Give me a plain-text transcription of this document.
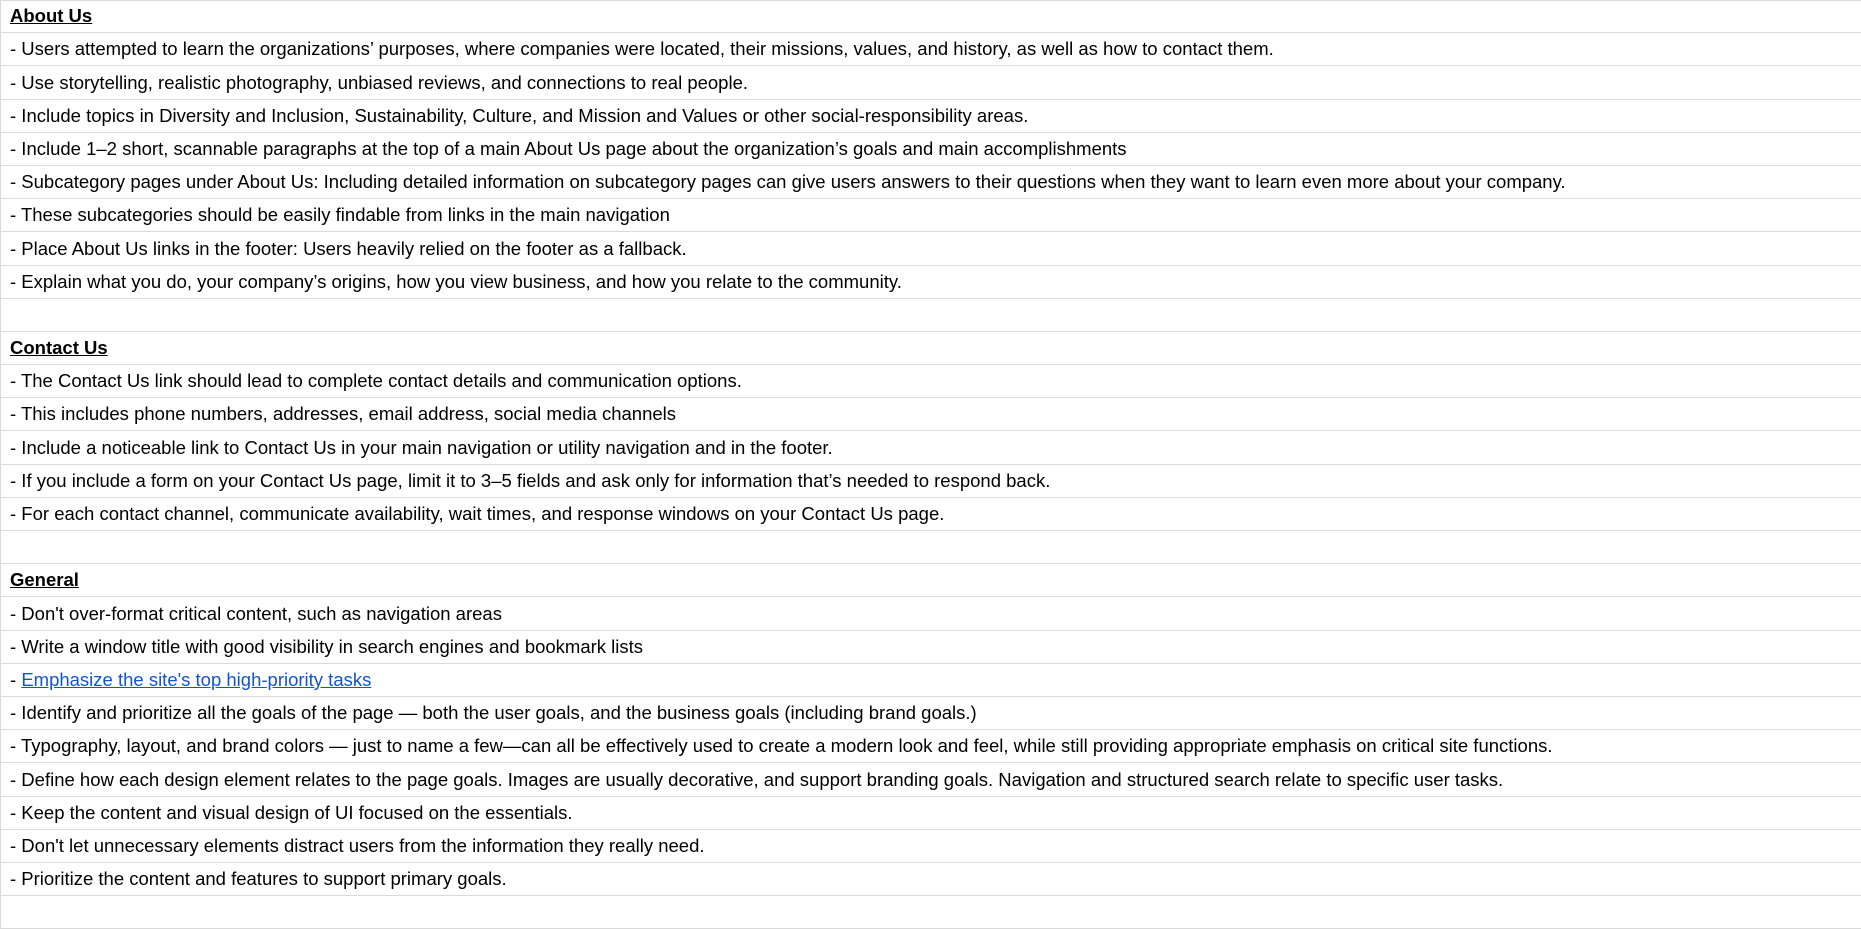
About Us
- Users attempted to learn the organizations’ purposes, where companies were located, their missions, values, and history, as well as how to contact them.
- Use storytelling, realistic photography, unbiased reviews, and connections to real people.
- Include topics in Diversity and Inclusion, Sustainability, Culture, and Mission and Values or other social-responsibility areas.
- Include 1–2 short, scannable paragraphs at the top of a main About Us page about the organization’s goals and main accomplishments
- Subcategory pages under About Us: Including detailed information on subcategory pages can give users answers to their questions when they want to learn even more about your company.
- These subcategories should be easily findable from links in the main navigation
- Place About Us links in the footer: Users heavily relied on the footer as a fallback.
- Explain what you do, your company’s origins, how you view business, and how you relate to the community.
Contact Us
- The Contact Us link should lead to complete contact details and communication options.
- This includes phone numbers, addresses, email address, social media channels
- Include a noticeable link to Contact Us in your main navigation or utility navigation and in the footer.
- If you include a form on your Contact Us page, limit it to 3–5 fields and ask only for information that’s needed to respond back.
- For each contact channel, communicate availability, wait times, and response windows on your Contact Us page.
General
- Don't over-format critical content, such as navigation areas
- Write a window title with good visibility in search engines and bookmark lists
- Emphasize the site's top high-priority tasks
- Identify and prioritize all the goals of the page — both the user goals, and the business goals (including brand goals.)
- Typography, layout, and brand colors — just to name a few—can all be effectively used to create a modern look and feel, while still providing appropriate emphasis on critical site functions.
- Define how each design element relates to the page goals. Images are usually decorative, and support branding goals. Navigation and structured search relate to specific user tasks.
- Keep the content and visual design of UI focused on the essentials.
- Don't let unnecessary elements distract users from the information they really need.
- Prioritize the content and features to support primary goals.
